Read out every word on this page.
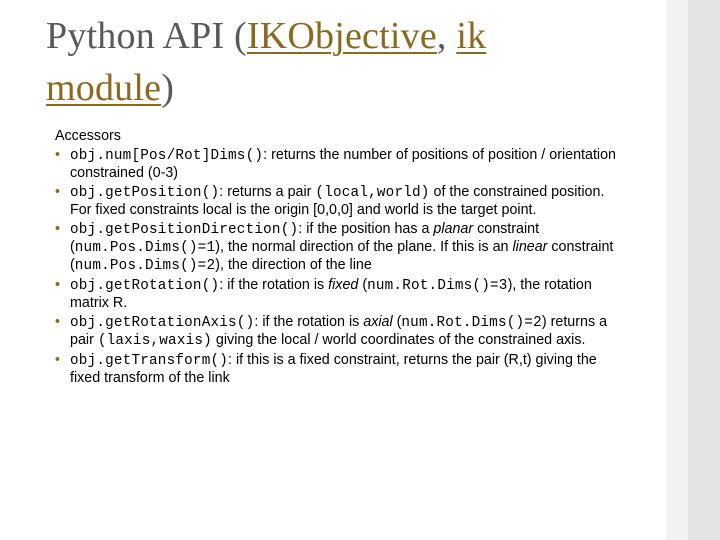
Python API (IKObjective, ik
module)
Accessors
• obj.num[Pos/Rot]Dims(): returns the number of positions of position / orientation constrained (0-3)
• obj.getPosition(): returns a pair (local,world) of the constrained position. For fixed constraints local is the origin [0,0,0] and world is the target point.
• obj.getPositionDirection(): if the position has a planar constraint (num.Pos.Dims()=1), the normal direction of the plane. If this is an linear constraint (num.Pos.Dims()=2), the direction of the line
• obj.getRotation(): if the rotation is fixed (num.Rot.Dims()=3), the rotation matrix R.
• obj.getRotationAxis(): if the rotation is axial (num.Rot.Dims()=2) returns a pair (laxis,waxis) giving the local / world coordinates of the constrained axis.
• obj.getTransform(): if this is a fixed constraint, returns the pair (R,t) giving the fixed transform of the link
